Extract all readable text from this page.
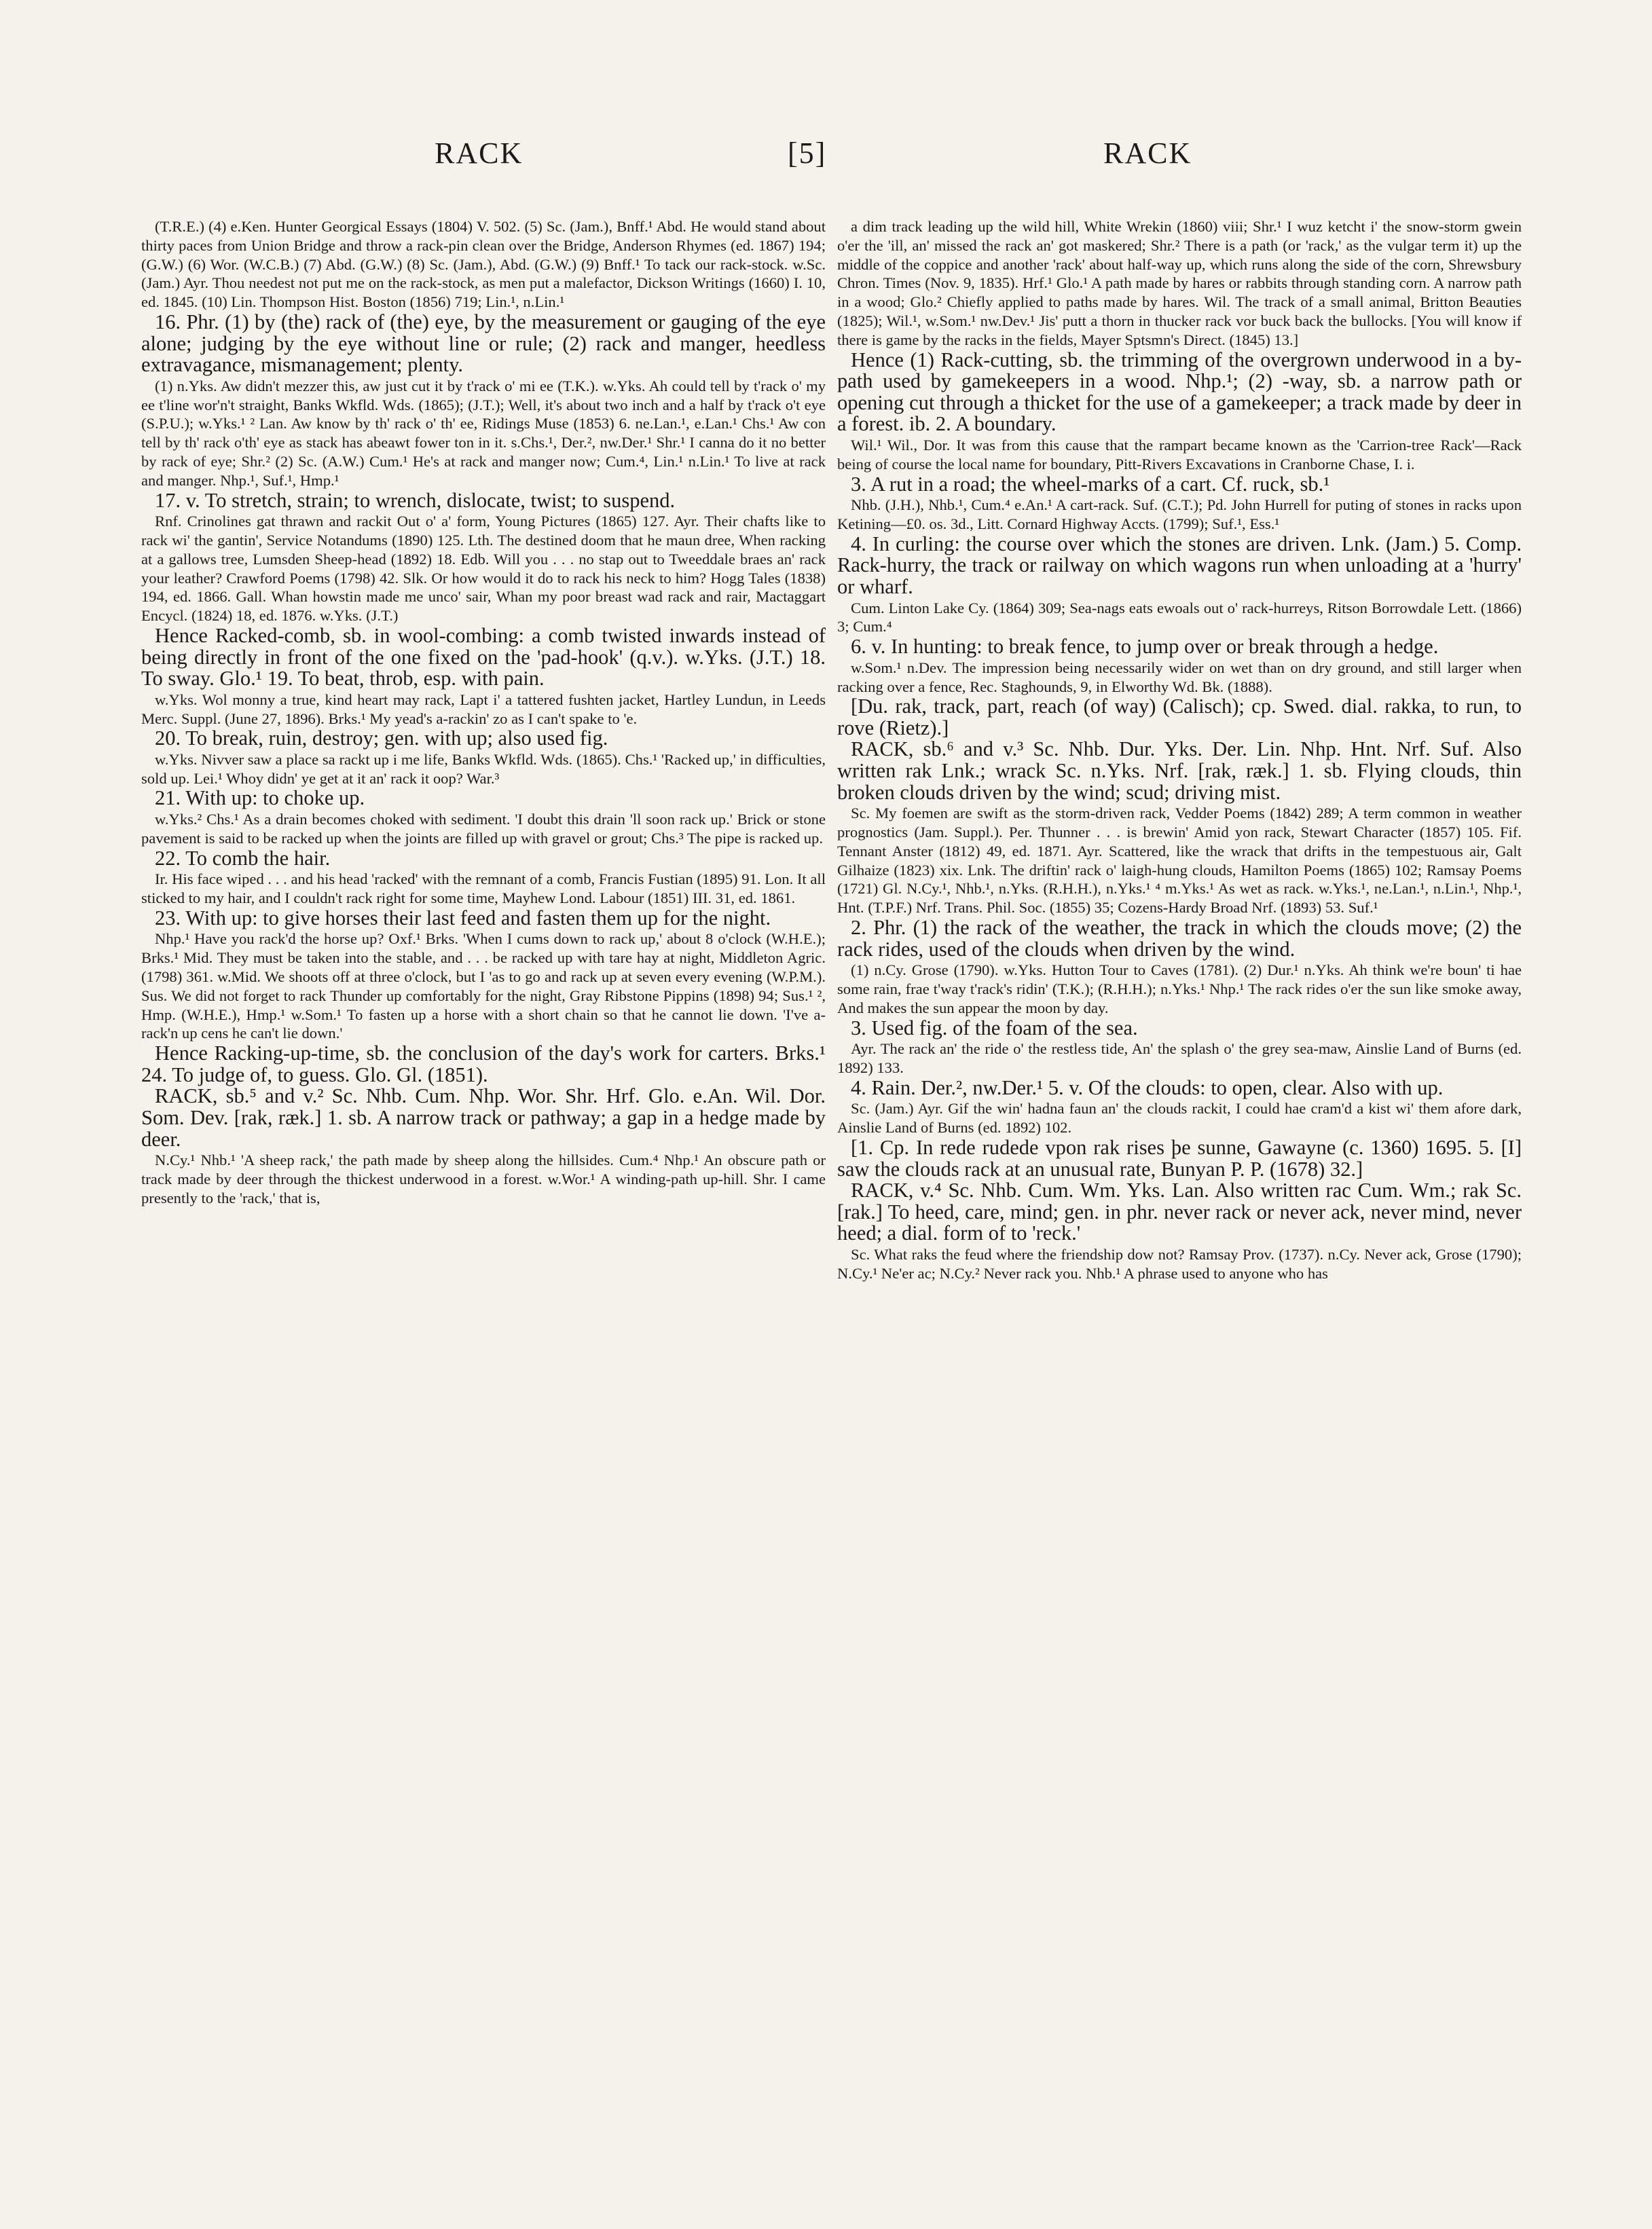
RACK	[5]	RACK

(T.R.E.) (4) e.Ken. Hunter Georgical Essays (1804) V. 502. (5) Sc. (Jam.), Bnff.¹ Abd. He would stand about thirty paces from Union Bridge and throw a rack-pin clean over the Bridge, Anderson Rhymes (ed. 1867) 194; (G.W.) (6) Wor. (W.C.B.) (7) Abd. (G.W.) (8) Sc. (Jam.), Abd. (G.W.) (9) Bnff.¹ To tack our rack-stock. w.Sc. (Jam.) Ayr. Thou needest not put me on the rack-stock, as men put a malefactor, Dickson Writings (1660) I. 10, ed. 1845. (10) Lin. Thompson Hist. Boston (1856) 719; Lin.¹, n.Lin.¹

16. Phr. (1) by (the) rack of (the) eye, by the measurement or gauging of the eye alone; judging by the eye without line or rule; (2) rack and manger, heedless extravagance, mismanagement; plenty.

(1) n.Yks. Aw didn't mezzer this, aw just cut it by t'rack o' mi ee (T.K.). w.Yks. Ah could tell by t'rack o' my ee t'line wor'n't straight, Banks Wkfld. Wds. (1865); (J.T.); Well, it's about two inch and a half by t'rack o't eye (S.P.U.); w.Yks.¹ ² Lan. Aw know by th' rack o' th' ee, Ridings Muse (1853) 6. ne.Lan.¹, e.Lan.¹ Chs.¹ Aw con tell by th' rack o'th' eye as stack has abeawt fower ton in it. s.Chs.¹, Der.², nw.Der.¹ Shr.¹ I canna do it no better by rack of eye; Shr.² (2) Sc. (A.W.) Cum.¹ He's at rack and manger now; Cum.⁴, Lin.¹ n.Lin.¹ To live at rack and manger. Nhp.¹, Suf.¹, Hmp.¹

17. v. To stretch, strain; to wrench, dislocate, twist; to suspend.

Rnf. Crinolines gat thrawn and rackit Out o' a' form, Young Pictures (1865) 127. Ayr. Their chafts like to rack wi' the gantin', Service Notandums (1890) 125. Lth. The destined doom that he maun dree, When racking at a gallows tree, Lumsden Sheep-head (1892) 18. Edb. Will you . . . no stap out to Tweeddale braes an' rack your leather? Crawford Poems (1798) 42. Slk. Or how would it do to rack his neck to him? Hogg Tales (1838) 194, ed. 1866. Gall. Whan howstin made me unco' sair, Whan my poor breast wad rack and rair, Mactaggart Encycl. (1824) 18, ed. 1876. w.Yks. (J.T.)

Hence Racked-comb, sb. in wool-combing: a comb twisted inwards instead of being directly in front of the one fixed on the 'pad-hook' (q.v.). w.Yks. (J.T.) 18. To sway. Glo.¹ 19. To beat, throb, esp. with pain.

w.Yks. Wol monny a true, kind heart may rack, Lapt i' a tattered fushten jacket, Hartley Lundun, in Leeds Merc. Suppl. (June 27, 1896). Brks.¹ My yead's a-rackin' zo as I can't spake to 'e.

20. To break, ruin, destroy; gen. with up; also used fig.

w.Yks. Nivver saw a place sa rackt up i me life, Banks Wkfld. Wds. (1865). Chs.¹ 'Racked up,' in difficulties, sold up. Lei.¹ Whoy didn' ye get at it an' rack it oop? War.³

21. With up: to choke up.

w.Yks.² Chs.¹ As a drain becomes choked with sediment. 'I doubt this drain 'll soon rack up.' Brick or stone pavement is said to be racked up when the joints are filled up with gravel or grout; Chs.³ The pipe is racked up.

22. To comb the hair.

Ir. His face wiped . . . and his head 'racked' with the remnant of a comb, Francis Fustian (1895) 91. Lon. It all sticked to my hair, and I couldn't rack right for some time, Mayhew Lond. Labour (1851) III. 31, ed. 1861.

23. With up: to give horses their last feed and fasten them up for the night.

Nhp.¹ Have you rack'd the horse up? Oxf.¹ Brks. 'When I cums down to rack up,' about 8 o'clock (W.H.E.); Brks.¹ Mid. They must be taken into the stable, and . . . be racked up with tare hay at night, Middleton Agric. (1798) 361. w.Mid. We shoots off at three o'clock, but I 'as to go and rack up at seven every evening (W.P.M.). Sus. We did not forget to rack Thunder up comfortably for the night, Gray Ribstone Pippins (1898) 94; Sus.¹ ², Hmp. (W.H.E.), Hmp.¹ w.Som.¹ To fasten up a horse with a short chain so that he cannot lie down. 'I've a-rack'n up cens he can't lie down.'

Hence Racking-up-time, sb. the conclusion of the day's work for carters. Brks.¹ 24. To judge of, to guess. Glo. Gl. (1851).

RACK, sb.⁵ and v.² Sc. Nhb. Cum. Nhp. Wor. Shr. Hrf. Glo. e.An. Wil. Dor. Som. Dev. [rak, ræk.] 1. sb. A narrow track or pathway; a gap in a hedge made by deer.

N.Cy.¹ Nhb.¹ 'A sheep rack,' the path made by sheep along the hillsides. Cum.⁴ Nhp.¹ An obscure path or track made by deer through the thickest underwood in a forest. w.Wor.¹ A winding-path up-hill. Shr. I came presently to the 'rack,' that is,

a dim track leading up the wild hill, White Wrekin (1860) viii; Shr.¹ I wuz ketcht i' the snow-storm gwein o'er the 'ill, an' missed the rack an' got maskered; Shr.² There is a path (or 'rack,' as the vulgar term it) up the middle of the coppice and another 'rack' about half-way up, which runs along the side of the corn, Shrewsbury Chron. Times (Nov. 9, 1835). Hrf.¹ Glo.¹ A path made by hares or rabbits through standing corn. A narrow path in a wood; Glo.² Chiefly applied to paths made by hares. Wil. The track of a small animal, Britton Beauties (1825); Wil.¹, w.Som.¹ nw.Dev.¹ Jis' putt a thorn in thucker rack vor buck back the bullocks. [You will know if there is game by the racks in the fields, Mayer Sptsmn's Direct. (1845) 13.]

Hence (1) Rack-cutting, sb. the trimming of the overgrown underwood in a by-path used by gamekeepers in a wood. Nhp.¹; (2) -way, sb. a narrow path or opening cut through a thicket for the use of a gamekeeper; a track made by deer in a forest. ib. 2. A boundary.

Wil.¹ Wil., Dor. It was from this cause that the rampart became known as the 'Carrion-tree Rack'—Rack being of course the local name for boundary, Pitt-Rivers Excavations in Cranborne Chase, I. i.

3. A rut in a road; the wheel-marks of a cart. Cf. ruck, sb.¹

Nhb. (J.H.), Nhb.¹, Cum.⁴ e.An.¹ A cart-rack. Suf. (C.T.); Pd. John Hurrell for puting of stones in racks upon Ketining—£0. os. 3d., Litt. Cornard Highway Accts. (1799); Suf.¹, Ess.¹

4. In curling: the course over which the stones are driven. Lnk. (Jam.) 5. Comp. Rack-hurry, the track or railway on which wagons run when unloading at a 'hurry' or wharf.

Cum. Linton Lake Cy. (1864) 309; Sea-nags eats ewoals out o' rack-hurreys, Ritson Borrowdale Lett. (1866) 3; Cum.⁴

6. v. In hunting: to break fence, to jump over or break through a hedge.

w.Som.¹ n.Dev. The impression being necessarily wider on wet than on dry ground, and still larger when racking over a fence, Rec. Staghounds, 9, in Elworthy Wd. Bk. (1888).

[Du. rak, track, part, reach (of way) (Calisch); cp. Swed. dial. rakka, to run, to rove (Rietz).]

RACK, sb.⁶ and v.³ Sc. Nhb. Dur. Yks. Der. Lin. Nhp. Hnt. Nrf. Suf. Also written rak Lnk.; wrack Sc. n.Yks. Nrf. [rak, ræk.] 1. sb. Flying clouds, thin broken clouds driven by the wind; scud; driving mist.

Sc. My foemen are swift as the storm-driven rack, Vedder Poems (1842) 289; A term common in weather prognostics (Jam. Suppl.). Per. Thunner . . . is brewin' Amid yon rack, Stewart Character (1857) 105. Fif. Tennant Anster (1812) 49, ed. 1871. Ayr. Scattered, like the wrack that drifts in the tempestuous air, Galt Gilhaize (1823) xix. Lnk. The driftin' rack o' laigh-hung clouds, Hamilton Poems (1865) 102; Ramsay Poems (1721) Gl. N.Cy.¹, Nhb.¹, n.Yks. (R.H.H.), n.Yks.¹ ⁴ m.Yks.¹ As wet as rack. w.Yks.¹, ne.Lan.¹, n.Lin.¹, Nhp.¹, Hnt. (T.P.F.) Nrf. Trans. Phil. Soc. (1855) 35; Cozens-Hardy Broad Nrf. (1893) 53. Suf.¹

2. Phr. (1) the rack of the weather, the track in which the clouds move; (2) the rack rides, used of the clouds when driven by the wind.

(1) n.Cy. Grose (1790). w.Yks. Hutton Tour to Caves (1781). (2) Dur.¹ n.Yks. Ah think we're boun' ti hae some rain, frae t'way t'rack's ridin' (T.K.); (R.H.H.); n.Yks.¹ Nhp.¹ The rack rides o'er the sun like smoke away, And makes the sun appear the moon by day.

3. Used fig. of the foam of the sea.

Ayr. The rack an' the ride o' the restless tide, An' the splash o' the grey sea-maw, Ainslie Land of Burns (ed. 1892) 133.

4. Rain. Der.², nw.Der.¹ 5. v. Of the clouds: to open, clear. Also with up.

Sc. (Jam.) Ayr. Gif the win' hadna faun an' the clouds rackit, I could hae cram'd a kist wi' them afore dark, Ainslie Land of Burns (ed. 1892) 102.

[1. Cp. In rede rudede vpon rak rises þe sunne, Gawayne (c. 1360) 1695. 5. [I] saw the clouds rack at an unusual rate, Bunyan P. P. (1678) 32.]

RACK, v.⁴ Sc. Nhb. Cum. Wm. Yks. Lan. Also written rac Cum. Wm.; rak Sc. [rak.] To heed, care, mind; gen. in phr. never rack or never ack, never mind, never heed; a dial. form of to 'reck.'

Sc. What raks the feud where the friendship dow not? Ramsay Prov. (1737). n.Cy. Never ack, Grose (1790); N.Cy.¹ Ne'er ac; N.Cy.² Never rack you. Nhb.¹ A phrase used to anyone who has
